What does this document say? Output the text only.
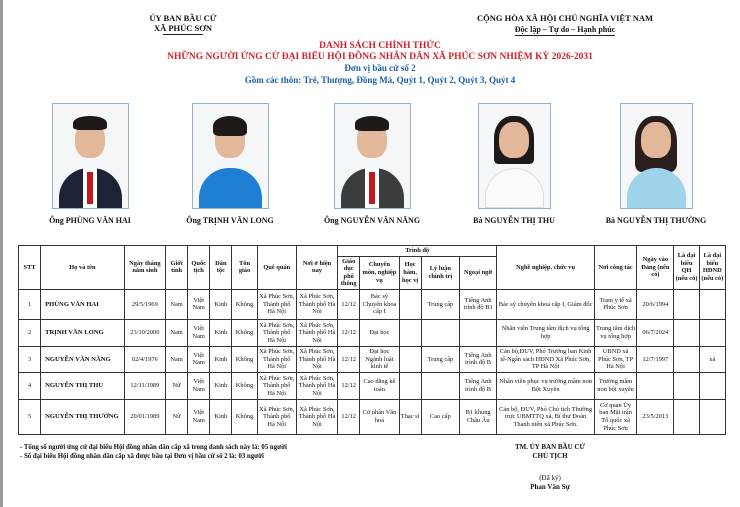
ỦY BAN BẦU CỬ
XÃ PHÚC SƠN
CỘNG HÒA XÃ HỘI CHỦ NGHĨA VIỆT NAM
Độc lập – Tự do – Hạnh phúc
DANH SÁCH CHÍNH THỨC
NHỮNG NGƯỜI ỨNG CỬ ĐẠI BIỂU HỘI ĐỒNG NHÂN DÂN XÃ PHÚC SƠN NHIỆM KỲ 2026-2031
Đơn vị bầu cử số 2
Gồm các thôn: Trê, Thượng, Đồng Mả, Quýt 1, Quýt 2, Quýt 3, Quýt 4
Ông PHÙNG VĂN HAI	Ông TRỊNH VĂN LONG	Ông NGUYỄN VĂN NĂNG	Bà NGUYỄN THỊ THU	Bà NGUYỄN THỊ THƯỜNG
STT	Họ và tên	Ngày tháng năm sinh	Giới tính	Quốc tịch	Dân tộc	Tôn giáo	Quê quán	Nơi ở hiện nay	Trình độ					Nghề nghiệp, chức vụ	Nơi công tác	Ngày vào Đảng (nếu có)	Là đại biểu QH (nếu có)	Là đại biểu HĐND (nếu có)
									Giáo dục phổ thông	Chuyên môn, nghiệp vụ	Học hàm, học vị	Lý luận chính trị	Ngoại ngữ					
1	PHÙNG VĂN HAI	29/5/1969	Nam	Việt Nam	Kinh	Không	Xã Phúc Sơn, Thành phố Hà Nội	Xã Phúc Sơn, Thành phố Hà Nội	12/12	Bác sỹ Chuyên khoa cấp I		Trung cấp	Tiếng Anh trình độ B1	Bác sỹ chuyên khoa cấp I, Giám đốc	Trạm y tế xã Phúc Sơn	20/6/1994		
2	TRỊNH VĂN LONG	23/10/2000	Nam	Việt Nam	Kinh	Không	Xã Phúc Sơn, Thành phố Hà Nội	Xã Phúc Sơn, Thành phố Hà Nội	12/12	Đại học				Nhân viên Trung tâm dịch vụ tổng hợp	Trung tâm dịch vụ tổng hợp	06/7/2024		
3	NGUYỄN VĂN NĂNG	02/4/1976	Nam	Việt Nam	Kinh	Không	Xã Phúc Sơn, Thành phố Hà Nội	Xã Phúc Sơn, Thành phố Hà Nội	12/12	Đại học Ngành luật kinh tế		Trung cấp	Tiếng Anh trình độ B	Cán bộ,ĐUV, Phó Trưởng ban Kinh tế-Ngân sách HĐND Xã Phúc Sơn, TP Hà Nội	UBND xã Phúc Sơn, TP Hà Nội	12/7/1997		xã
4	NGUYỄN THỊ THU	12/11/1989	Nữ	Việt Nam	Kinh	Không	Xã Phúc Sơn, Thành phố Hà Nội	Xã Phúc Sơn, Thành phố Hà Nội	12/12	Cao đẳng kế toán			Tiếng Anh trình độ B	Nhân viên phục vụ trường mầm non Bột Xuyên	Trường mầm non bột xuyên			
5	NGUYỄN THỊ THƯỜNG	20/01/1989	Nữ	Việt Nam	Kinh	Không	Xã Phúc Sơn, Thành phố Hà Nội	Xã Phúc Sơn, Thành phố Hà Nội	12/12	Cử nhân Văn hoá	Thạc sĩ	Cao cấp	B1 khung Châu Âu	Cán bộ, ĐUV, Phó Chủ tịch Thường trực UBMTTQ xã, Bí thư Đoàn Thanh niên xã Phúc Sơn.	Cơ quan Ủy ban Mặt trận Tổ quốc xã Phúc Sơn	23/5/2013		
- Tổng số người ứng cử đại biểu Hội đồng nhân dân cấp xã trong danh sách này là: 05 người
- Số đại biểu Hội đồng nhân dân cấp xã được bầu tại Đơn vị bầu cử số 2 là: 03 người
TM. ỦY BAN BẦU CỬ
CHỦ TỊCH
(Đã ký)
Phan Văn Sự
